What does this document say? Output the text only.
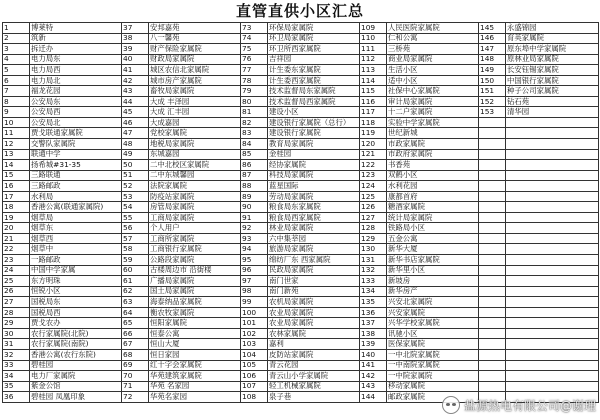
直管直供小区汇总
1	博莱特	37	安邦嘉苑	73	环保局家属院	109	人民医院家属院	145	永盛锦园
2	筑新	38	八一馨苑	74	环卫局家属院	110	仁和公寓	146	育英家属院
3	拆迁办	39	财产保险家属院	75	环卫所西家属院	111	三桥苑	147	原东埠中学家属院
4	电力局东	40	财政局家属院	76	吉祥园	112	商业局家属院	148	原林业局家属院
5	电力局西	41	城区农信北家属院	77	计生委东家属院	113	生活小区	149	长安钰锡家属院
6	电力局北	42	城市房产家属院	78	计生委西家属院	114	适中小区	150	中国银行家属院
7	福龙花园	43	畜牧局家属院	79	技术监督局东家属院	115	社保中心家属院	151	种子公司家属院
8	公安局东	44	大成 丰泽园	80	技术监督局西家属院	116	审计局家属院	152	钻石苑
9	公安局西	45	大成 汇丰园	81	建设小区	117	十二户家属院	153	清华园
10	公安局北	46	大成嘉园	82	建设银行家属院（总行）	118	实验中学家属院		
11	贾戈联通家属院	47	党校家属院	83	建设银行家属院	119	世纪新城		
12	交警队家属院	48	地税局家属院	84	教育局家属院	120	市政家属院		
13	联通中学	49	东城嘉园	85	金桂园	121	市政府家属院		
14	扬希城#31-35	50	二中北校区家属院	86	经协家属院	122	书香苑		
15	三路联通	51	二中东城馨园	87	科技局家属院	123	双鹤小区		
16	三路邮政	52	法院家属院	88	蓝星国际	124	水利花园		
17	水利局	53	防疫站家属院	89	劳动局家属院	125	康都首府		
18	香港公寓(联通家属院)	54	房管局家属院	90	粮食局东家属院	126	糖酒家属院		
19	烟草局	55	工商局家属院	91	粮食局西家属院	127	统计局家属院		
20	烟草东	56	个人用户	92	林业局家属院	128	铁路局小区		
21	烟草西	57	工商所家属院	93	六中集莘园	129	五金公寓		
22	烟草中	58	工商银行家属院	94	旅游局家属院	130	新华大厦		
23	一路邮政	59	公路段家属院	95	绵纺厂东 西家属院	131	新华书店家属院		
24	中国中学家属	60	古楼周边市 沿街楼	96	民政局家属院	132	新华里小区		
25	东方明珠	61	广播局家属院	97	南门世家	133	新坡房		
26	恒锐小区	62	国土局家属院	98	南门新苑	134	新华房产		
27	国税局东	63	海泰纳品家属院	99	农机局家属院	135	兴安北家属院		
28	国税局西	64	衡农牧家属院	100	农业局家属院	136	兴安家属院		
29	贾戈农办	65	恒阳家属院	101	农业局家属院	137	兴华学校家属院		
30	农行家属院(北院)	66	恒泰公寓	102	农林家属院	138	讯驰小区		
31	农行家属院(南院)	67	恒山大厦	103	嘉利	139	医保家属院		
32	香港公寓(农行东院)	68	恒日家园	104	皮防站家属院	140	一中北院家属院		
33	碧桂园	69	红十字会家属院	105	青云花园	141	一中南院家属院		
34	电力厂家属院	70	华苑建筑家属院	106	青云山小学家属院	142	一中院家属院		
35	紫金公馆	71	华苑 名家园	107	轻工机械家属院	143	移动家属院		
36	碧桂园 凤凰印象	72	华苑名家园	108	泉子巷	144	邮政家属院		
盐源热电有限公司@谢理
